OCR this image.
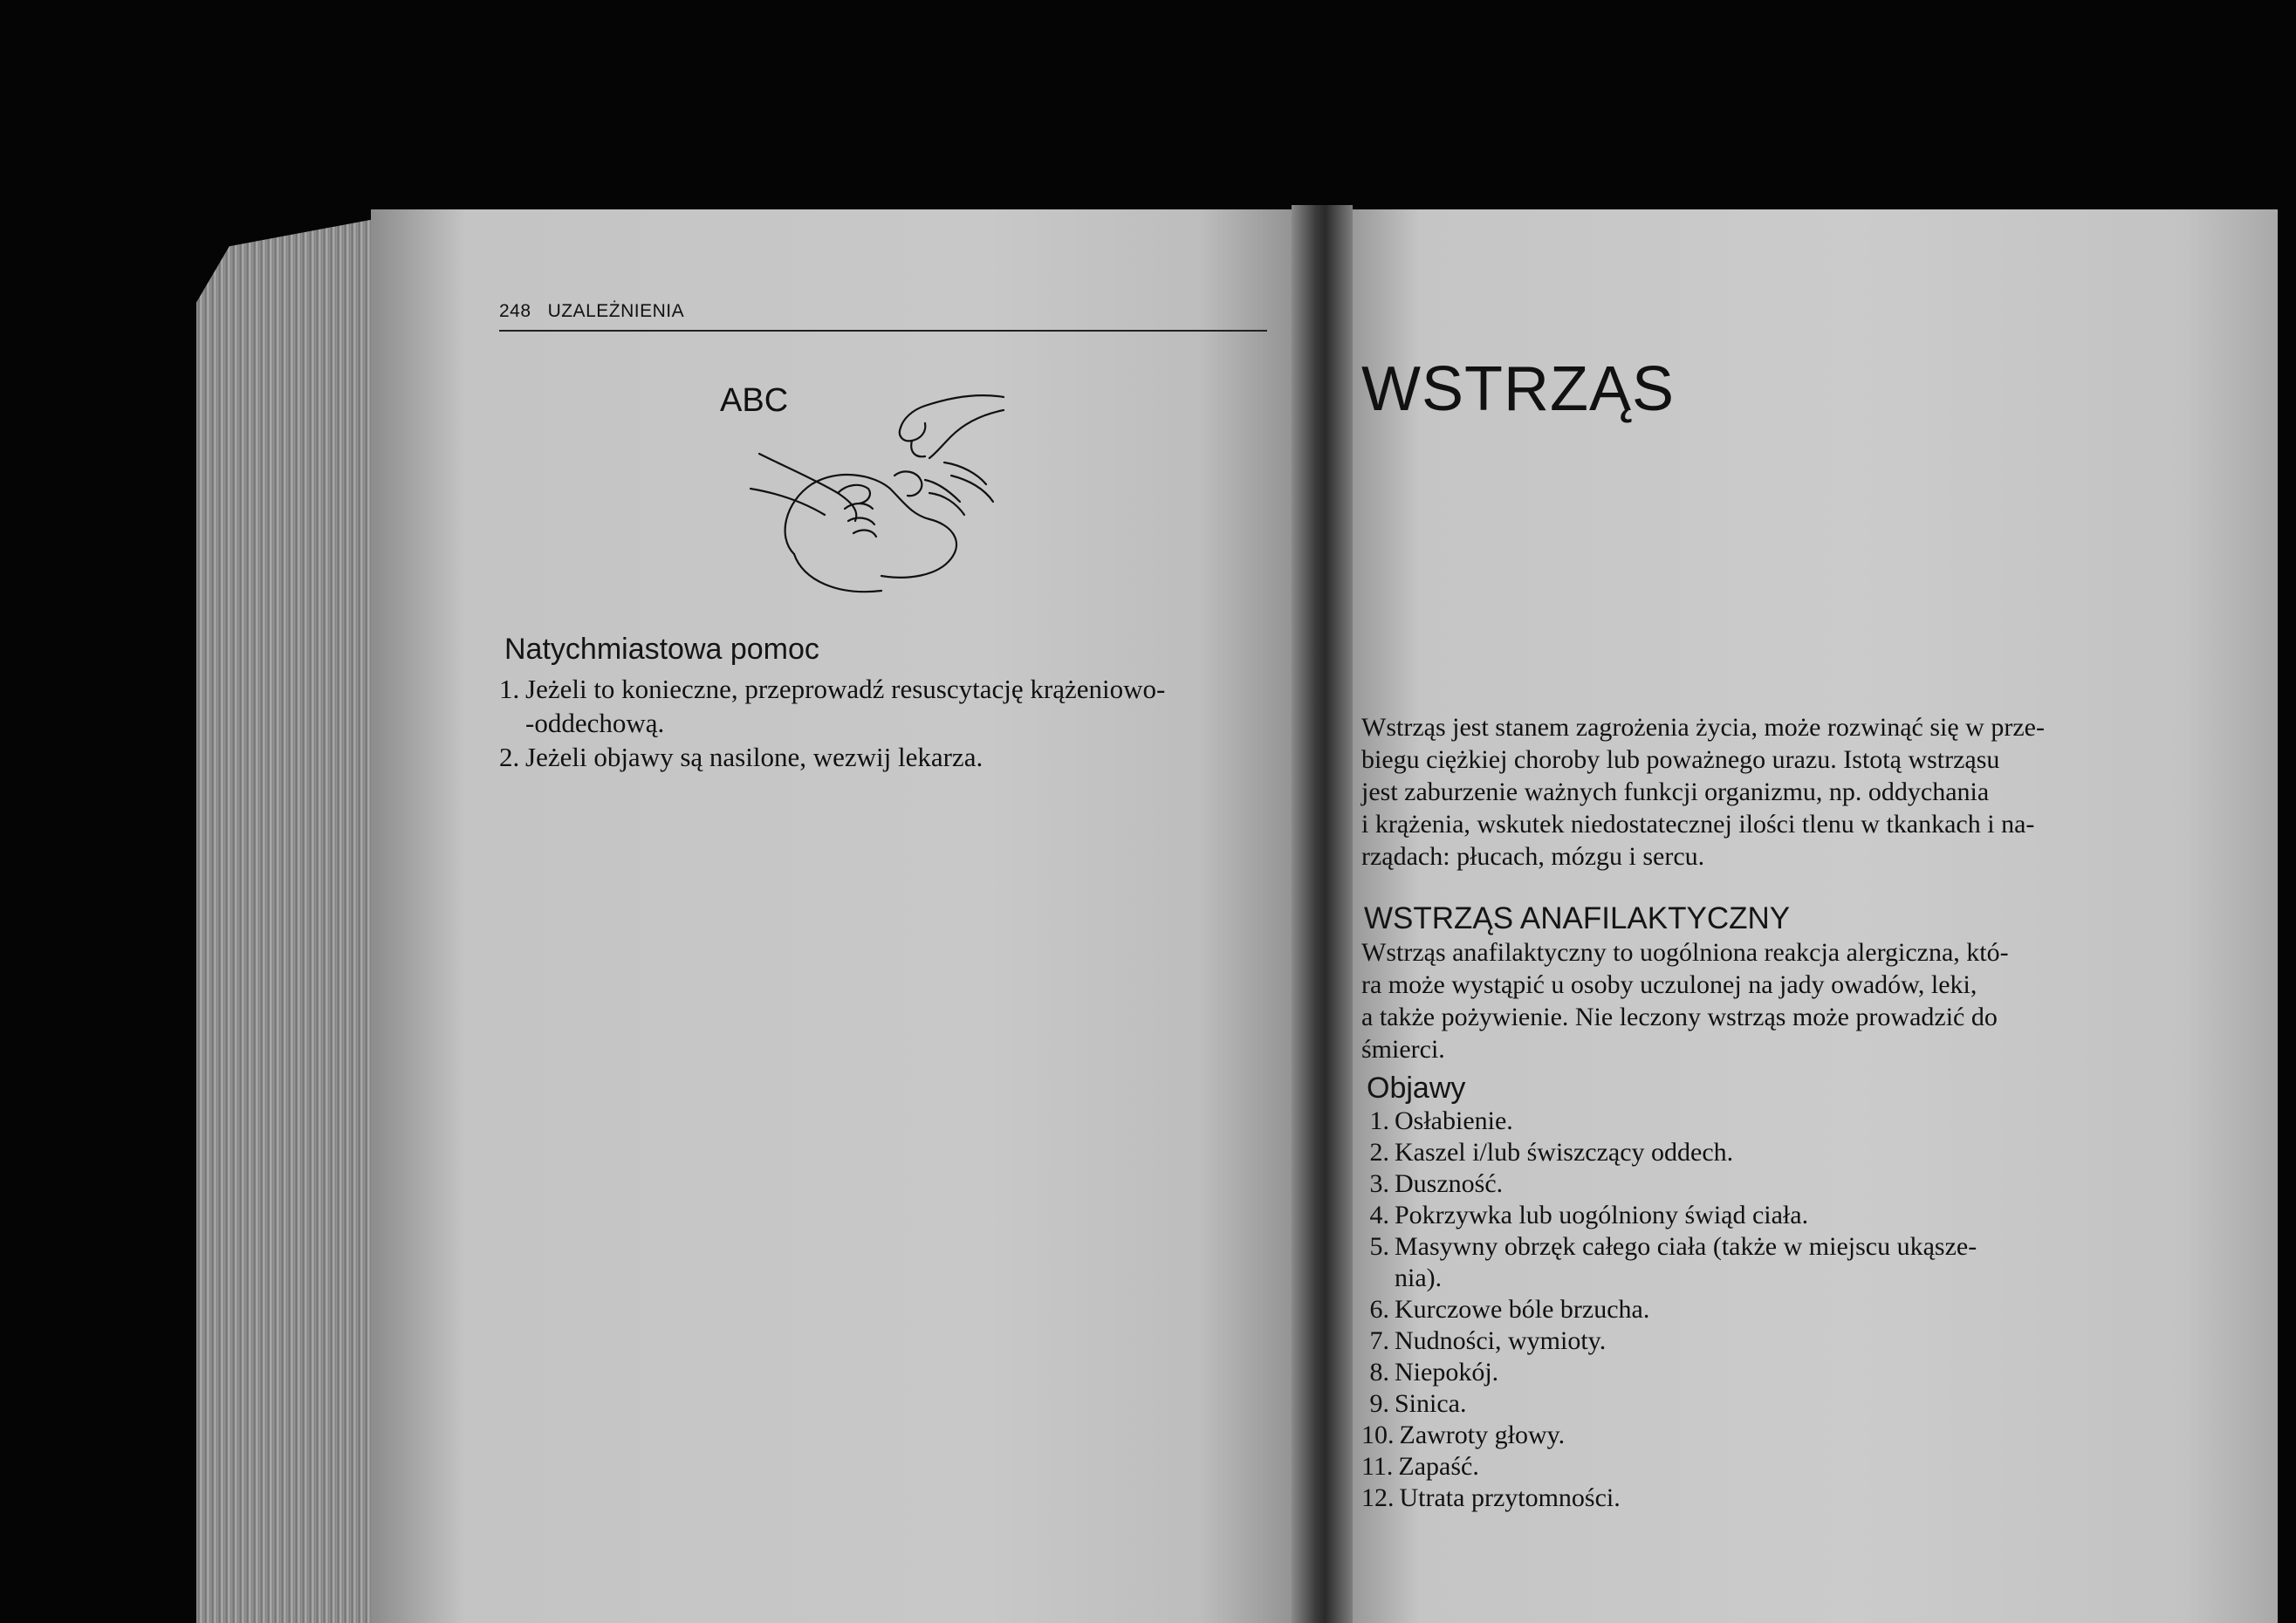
248 UZALEŻNIENIA
ABC
Natychmiastowa pomoc
1. Jeżeli to konieczne, przeprowadź resuscytację krążeniowo-
-oddechową.
2. Jeżeli objawy są nasilone, wezwij lekarza.
WSTRZĄS
Wstrząs jest stanem zagrożenia życia, może rozwinąć się w prze-
biegu ciężkiej choroby lub poważnego urazu. Istotą wstrząsu
jest zaburzenie ważnych funkcji organizmu, np. oddychania
i krążenia, wskutek niedostatecznej ilości tlenu w tkankach i na-
rządach: płucach, mózgu i sercu.
WSTRZĄS ANAFILAKTYCZNY
Wstrząs anafilaktyczny to uogólniona reakcja alergiczna, któ-
ra może wystąpić u osoby uczulonej na jady owadów, leki,
a także pożywienie. Nie leczony wstrząs może prowadzić do
śmierci.
Objawy
1. Osłabienie.
2. Kaszel i/lub świszczący oddech.
3. Duszność.
4. Pokrzywka lub uogólniony świąd ciała.
5. Masywny obrzęk całego ciała (także w miejscu ukąsze-
nia).
6. Kurczowe bóle brzucha.
7. Nudności, wymioty.
8. Niepokój.
9. Sinica.
10. Zawroty głowy.
11. Zapaść.
12. Utrata przytomności.
